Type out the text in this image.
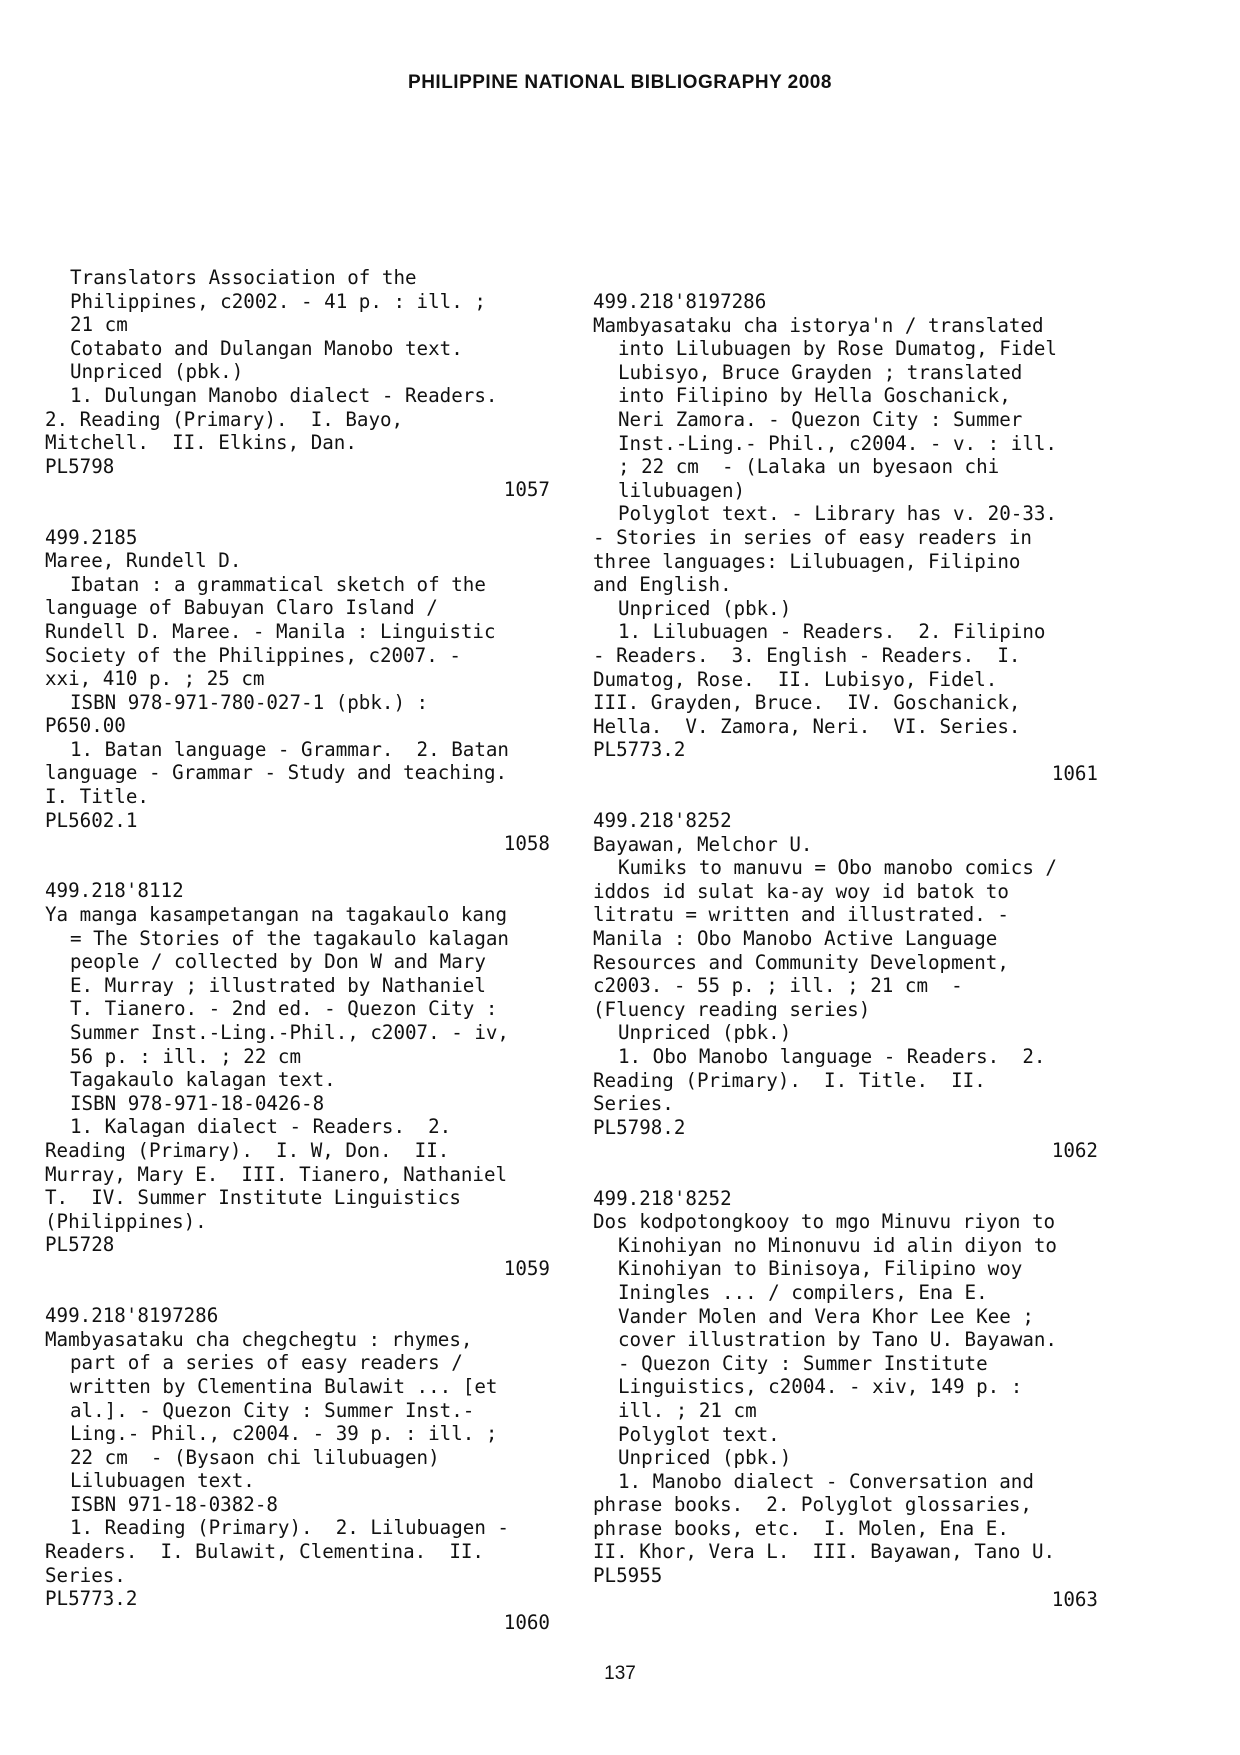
PHILIPPINE NATIONAL BIBLIOGRAPHY 2008
Translators Association of the
Philippines, c2002. - 41 p. : ill. ;
21 cm
Cotabato and Dulangan Manobo text.
Unpriced (pbk.)
1. Dulungan Manobo dialect - Readers.
2. Reading (Primary).  I. Bayo,
Mitchell.  II. Elkins, Dan.
PL5798
1057
499.2185
Maree, Rundell D.
Ibatan : a grammatical sketch of the
language of Babuyan Claro Island /
Rundell D. Maree. - Manila : Linguistic
Society of the Philippines, c2007. -
xxi, 410 p. ; 25 cm
ISBN 978-971-780-027-1 (pbk.) :
P650.00
1. Batan language - Grammar.  2. Batan
language - Grammar - Study and teaching.
I. Title.
PL5602.1
1058
499.218'8112
Ya manga kasampetangan na tagakaulo kang
= The Stories of the tagakaulo kalagan
people / collected by Don W and Mary
E. Murray ; illustrated by Nathaniel
T. Tianero. - 2nd ed. - Quezon City :
Summer Inst.-Ling.-Phil., c2007. - iv,
56 p. : ill. ; 22 cm
Tagakaulo kalagan text.
ISBN 978-971-18-0426-8
1. Kalagan dialect - Readers.  2.
Reading (Primary).  I. W, Don.  II.
Murray, Mary E.  III. Tianero, Nathaniel
T.  IV. Summer Institute Linguistics
(Philippines).
PL5728
1059
499.218'8197286
Mambyasataku cha chegchegtu : rhymes,
part of a series of easy readers /
written by Clementina Bulawit ... [et
al.]. - Quezon City : Summer Inst.-
Ling.- Phil., c2004. - 39 p. : ill. ;
22 cm  - (Bysaon chi lilubuagen)
Lilubuagen text.
ISBN 971-18-0382-8
1. Reading (Primary).  2. Lilubuagen -
Readers.  I. Bulawit, Clementina.  II.
Series.
PL5773.2
1060
499.218'8197286
Mambyasataku cha istorya'n / translated
into Lilubuagen by Rose Dumatog, Fidel
Lubisyo, Bruce Grayden ; translated
into Filipino by Hella Goschanick,
Neri Zamora. - Quezon City : Summer
Inst.-Ling.- Phil., c2004. - v. : ill.
; 22 cm  - (Lalaka un byesaon chi
lilubuagen)
Polyglot text. - Library has v. 20-33.
- Stories in series of easy readers in
three languages: Lilubuagen, Filipino
and English.
Unpriced (pbk.)
1. Lilubuagen - Readers.  2. Filipino
- Readers.  3. English - Readers.  I.
Dumatog, Rose.  II. Lubisyo, Fidel.
III. Grayden, Bruce.  IV. Goschanick,
Hella.  V. Zamora, Neri.  VI. Series.
PL5773.2
1061
499.218'8252
Bayawan, Melchor U.
Kumiks to manuvu = Obo manobo comics /
iddos id sulat ka-ay woy id batok to
litratu = written and illustrated. -
Manila : Obo Manobo Active Language
Resources and Community Development,
c2003. - 55 p. ; ill. ; 21 cm  -
(Fluency reading series)
Unpriced (pbk.)
1. Obo Manobo language - Readers.  2.
Reading (Primary).  I. Title.  II.
Series.
PL5798.2
1062
499.218'8252
Dos kodpotongkooy to mgo Minuvu riyon to
Kinohiyan no Minonuvu id alin diyon to
Kinohiyan to Binisoya, Filipino woy
Iningles ... / compilers, Ena E.
Vander Molen and Vera Khor Lee Kee ;
cover illustration by Tano U. Bayawan.
- Quezon City : Summer Institute
Linguistics, c2004. - xiv, 149 p. :
ill. ; 21 cm
Polyglot text.
Unpriced (pbk.)
1. Manobo dialect - Conversation and
phrase books.  2. Polyglot glossaries,
phrase books, etc.  I. Molen, Ena E.
II. Khor, Vera L.  III. Bayawan, Tano U.
PL5955
1063
137
